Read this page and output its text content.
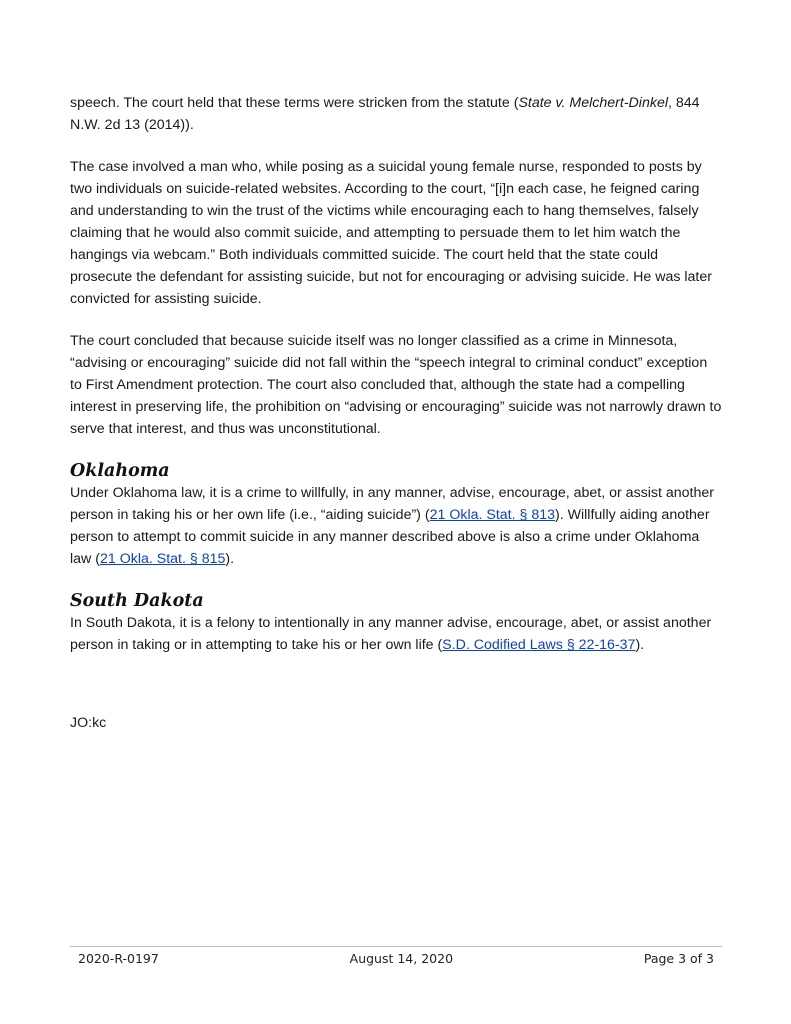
speech. The court held that these terms were stricken from the statute (State v. Melchert-Dinkel, 844 N.W. 2d 13 (2014)).

The case involved a man who, while posing as a suicidal young female nurse, responded to posts by two individuals on suicide-related websites. According to the court, “[i]n each case, he feigned caring and understanding to win the trust of the victims while encouraging each to hang themselves, falsely claiming that he would also commit suicide, and attempting to persuade them to let him watch the hangings via webcam.” Both individuals committed suicide. The court held that the state could prosecute the defendant for assisting suicide, but not for encouraging or advising suicide. He was later convicted for assisting suicide.

The court concluded that because suicide itself was no longer classified as a crime in Minnesota, “advising or encouraging” suicide did not fall within the “speech integral to criminal conduct” exception to First Amendment protection. The court also concluded that, although the state had a compelling interest in preserving life, the prohibition on “advising or encouraging” suicide was not narrowly drawn to serve that interest, and thus was unconstitutional.

Oklahoma

Under Oklahoma law, it is a crime to willfully, in any manner, advise, encourage, abet, or assist another person in taking his or her own life (i.e., “aiding suicide”) (21 Okla. Stat. § 813). Willfully aiding another person to attempt to commit suicide in any manner described above is also a crime under Oklahoma law (21 Okla. Stat. § 815).

South Dakota

In South Dakota, it is a felony to intentionally in any manner advise, encourage, abet, or assist another person in taking or in attempting to take his or her own life (S.D. Codified Laws § 22-16-37).

JO:kc

2020-R-0197	August 14, 2020	Page 3 of 3
